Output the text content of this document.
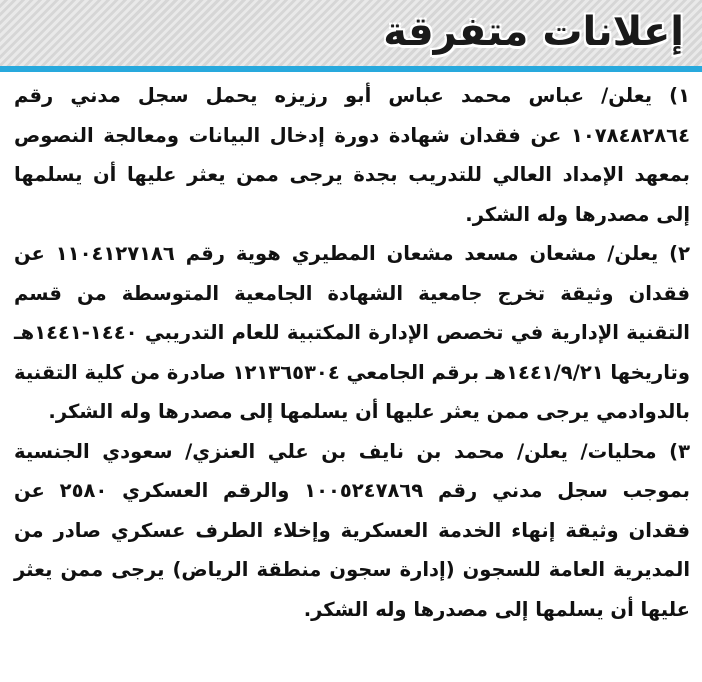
إعلانات متفرقة

١) يعلن/ عباس محمد عباس أبو رزيزه يحمل سجل مدني رقم ١٠٧٨٤٨٢٨٦٤ عن فقدان شهادة دورة إدخال البيانات ومعالجة النصوص بمعهد الإمداد العالي للتدريب بجدة يرجى ممن يعثر عليها أن يسلمها إلى مصدرها وله الشكر.

٢) يعلن/ مشعان مسعد مشعان المطيري هوية رقم ١١٠٤١٢٧١٨٦ عن فقدان وثيقة تخرج جامعية الشهادة الجامعية المتوسطة من قسم التقنية الإدارية في تخصص الإدارة المكتبية للعام التدريبي ١٤٤٠-١٤٤١هـ وتاريخها ١٤٤١/٩/٢١هـ برقم الجامعي ١٢١٣٦٥٣٠٤ صادرة من كلية التقنية بالدوادمي يرجى ممن يعثر عليها أن يسلمها إلى مصدرها وله الشكر.

٣) محليات/ يعلن/ محمد بن نايف بن علي العنزي/ سعودي الجنسية بموجب سجل مدني رقم ١٠٠٥٢٤٧٨٦٩ والرقم العسكري ٢٥٨٠ عن فقدان وثيقة إنهاء الخدمة العسكرية وإخلاء الطرف عسكري صادر من المديرية العامة للسجون (إدارة سجون منطقة الرياض) يرجى ممن يعثر عليها أن يسلمها إلى مصدرها وله الشكر.
